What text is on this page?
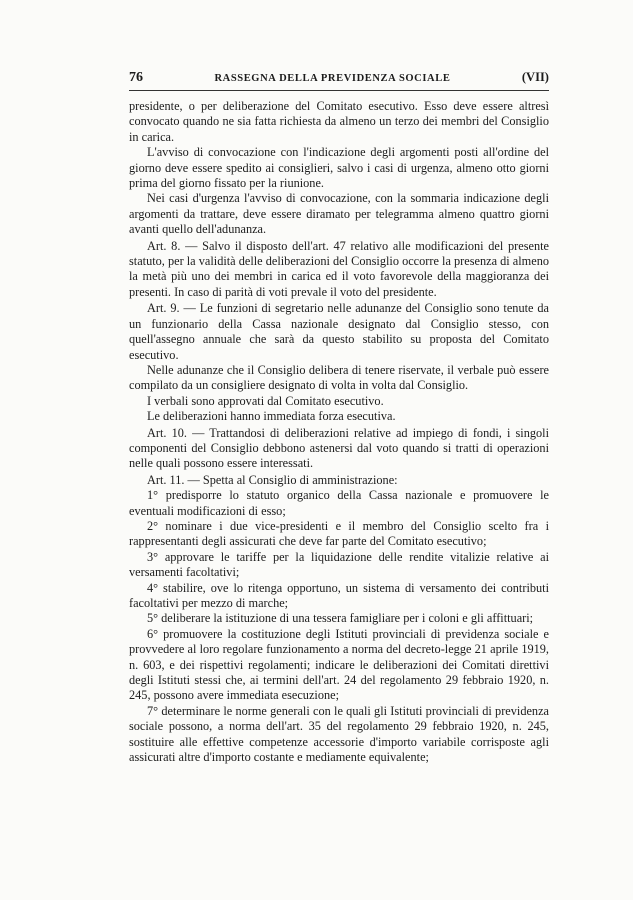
76	RASSEGNA DELLA PREVIDENZA SOCIALE	(VII)

presidente, o per deliberazione del Comitato esecutivo. Esso deve essere altresì convocato quando ne sia fatta richiesta da almeno un terzo dei membri del Consiglio in carica.

L'avviso di convocazione con l'indicazione degli argomenti posti all'ordine del giorno deve essere spedito ai consiglieri, salvo i casi di urgenza, almeno otto giorni prima del giorno fissato per la riunione.

Nei casi d'urgenza l'avviso di convocazione, con la sommaria indicazione degli argomenti da trattare, deve essere diramato per telegramma almeno quattro giorni avanti quello dell'adunanza.

Art. 8. — Salvo il disposto dell'art. 47 relativo alle modificazioni del presente statuto, per la validità delle deliberazioni del Consiglio occorre la presenza di almeno la metà più uno dei membri in carica ed il voto favorevole della maggioranza dei presenti. In caso di parità di voti prevale il voto del presidente.

Art. 9. — Le funzioni di segretario nelle adunanze del Consiglio sono tenute da un funzionario della Cassa nazionale designato dal Consiglio stesso, con quell'assegno annuale che sarà da questo stabilito su proposta del Comitato esecutivo.

Nelle adunanze che il Consiglio delibera di tenere riservate, il verbale può essere compilato da un consigliere designato di volta in volta dal Consiglio.

I verbali sono approvati dal Comitato esecutivo.

Le deliberazioni hanno immediata forza esecutiva.

Art. 10. — Trattandosi di deliberazioni relative ad impiego di fondi, i singoli componenti del Consiglio debbono astenersi dal voto quando si tratti di operazioni nelle quali possono essere interessati.

Art. 11. — Spetta al Consiglio di amministrazione:

1° predisporre lo statuto organico della Cassa nazionale e promuovere le eventuali modificazioni di esso;

2° nominare i due vice-presidenti e il membro del Consiglio scelto fra i rappresentanti degli assicurati che deve far parte del Comitato esecutivo;

3° approvare le tariffe per la liquidazione delle rendite vitalizie relative ai versamenti facoltativi;

4° stabilire, ove lo ritenga opportuno, un sistema di versamento dei contributi facoltativi per mezzo di marche;

5° deliberare la istituzione di una tessera famigliare per i coloni e gli affittuari;

6° promuovere la costituzione degli Istituti provinciali di previdenza sociale e provvedere al loro regolare funzionamento a norma del decreto-legge 21 aprile 1919, n. 603, e dei rispettivi regolamenti; indicare le deliberazioni dei Comitati direttivi degli Istituti stessi che, ai termini dell'art. 24 del regolamento 29 febbraio 1920, n. 245, possono avere immediata esecuzione;

7° determinare le norme generali con le quali gli Istituti provinciali di previdenza sociale possono, a norma dell'art. 35 del regolamento 29 febbraio 1920, n. 245, sostituire alle effettive competenze accessorie d'importo variabile corrisposte agli assicurati altre d'importo costante e mediamente equivalente;
